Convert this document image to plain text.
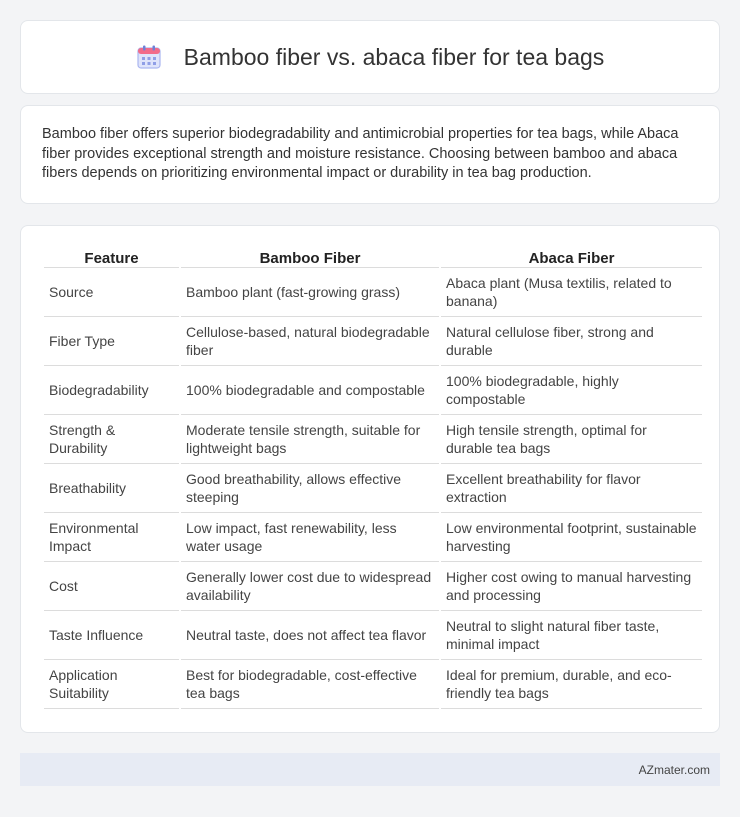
Bamboo fiber vs. abaca fiber for tea bags

Bamboo fiber offers superior biodegradability and antimicrobial properties for tea bags, while Abaca fiber provides exceptional strength and moisture resistance. Choosing between bamboo and abaca fibers depends on prioritizing environmental impact or durability in tea bag production.

Feature	Bamboo Fiber	Abaca Fiber
Source	Bamboo plant (fast-growing grass)	Abaca plant (Musa textilis, related to banana)
Fiber Type	Cellulose-based, natural biodegradable fiber	Natural cellulose fiber, strong and durable
Biodegradability	100% biodegradable and compostable	100% biodegradable, highly compostable
Strength & Durability	Moderate tensile strength, suitable for lightweight bags	High tensile strength, optimal for durable tea bags
Breathability	Good breathability, allows effective steeping	Excellent breathability for flavor extraction
Environmental Impact	Low impact, fast renewability, less water usage	Low environmental footprint, sustainable harvesting
Cost	Generally lower cost due to widespread availability	Higher cost owing to manual harvesting and processing
Taste Influence	Neutral taste, does not affect tea flavor	Neutral to slight natural fiber taste, minimal impact
Application Suitability	Best for biodegradable, cost-effective tea bags	Ideal for premium, durable, and eco-friendly tea bags
AZmater.com
